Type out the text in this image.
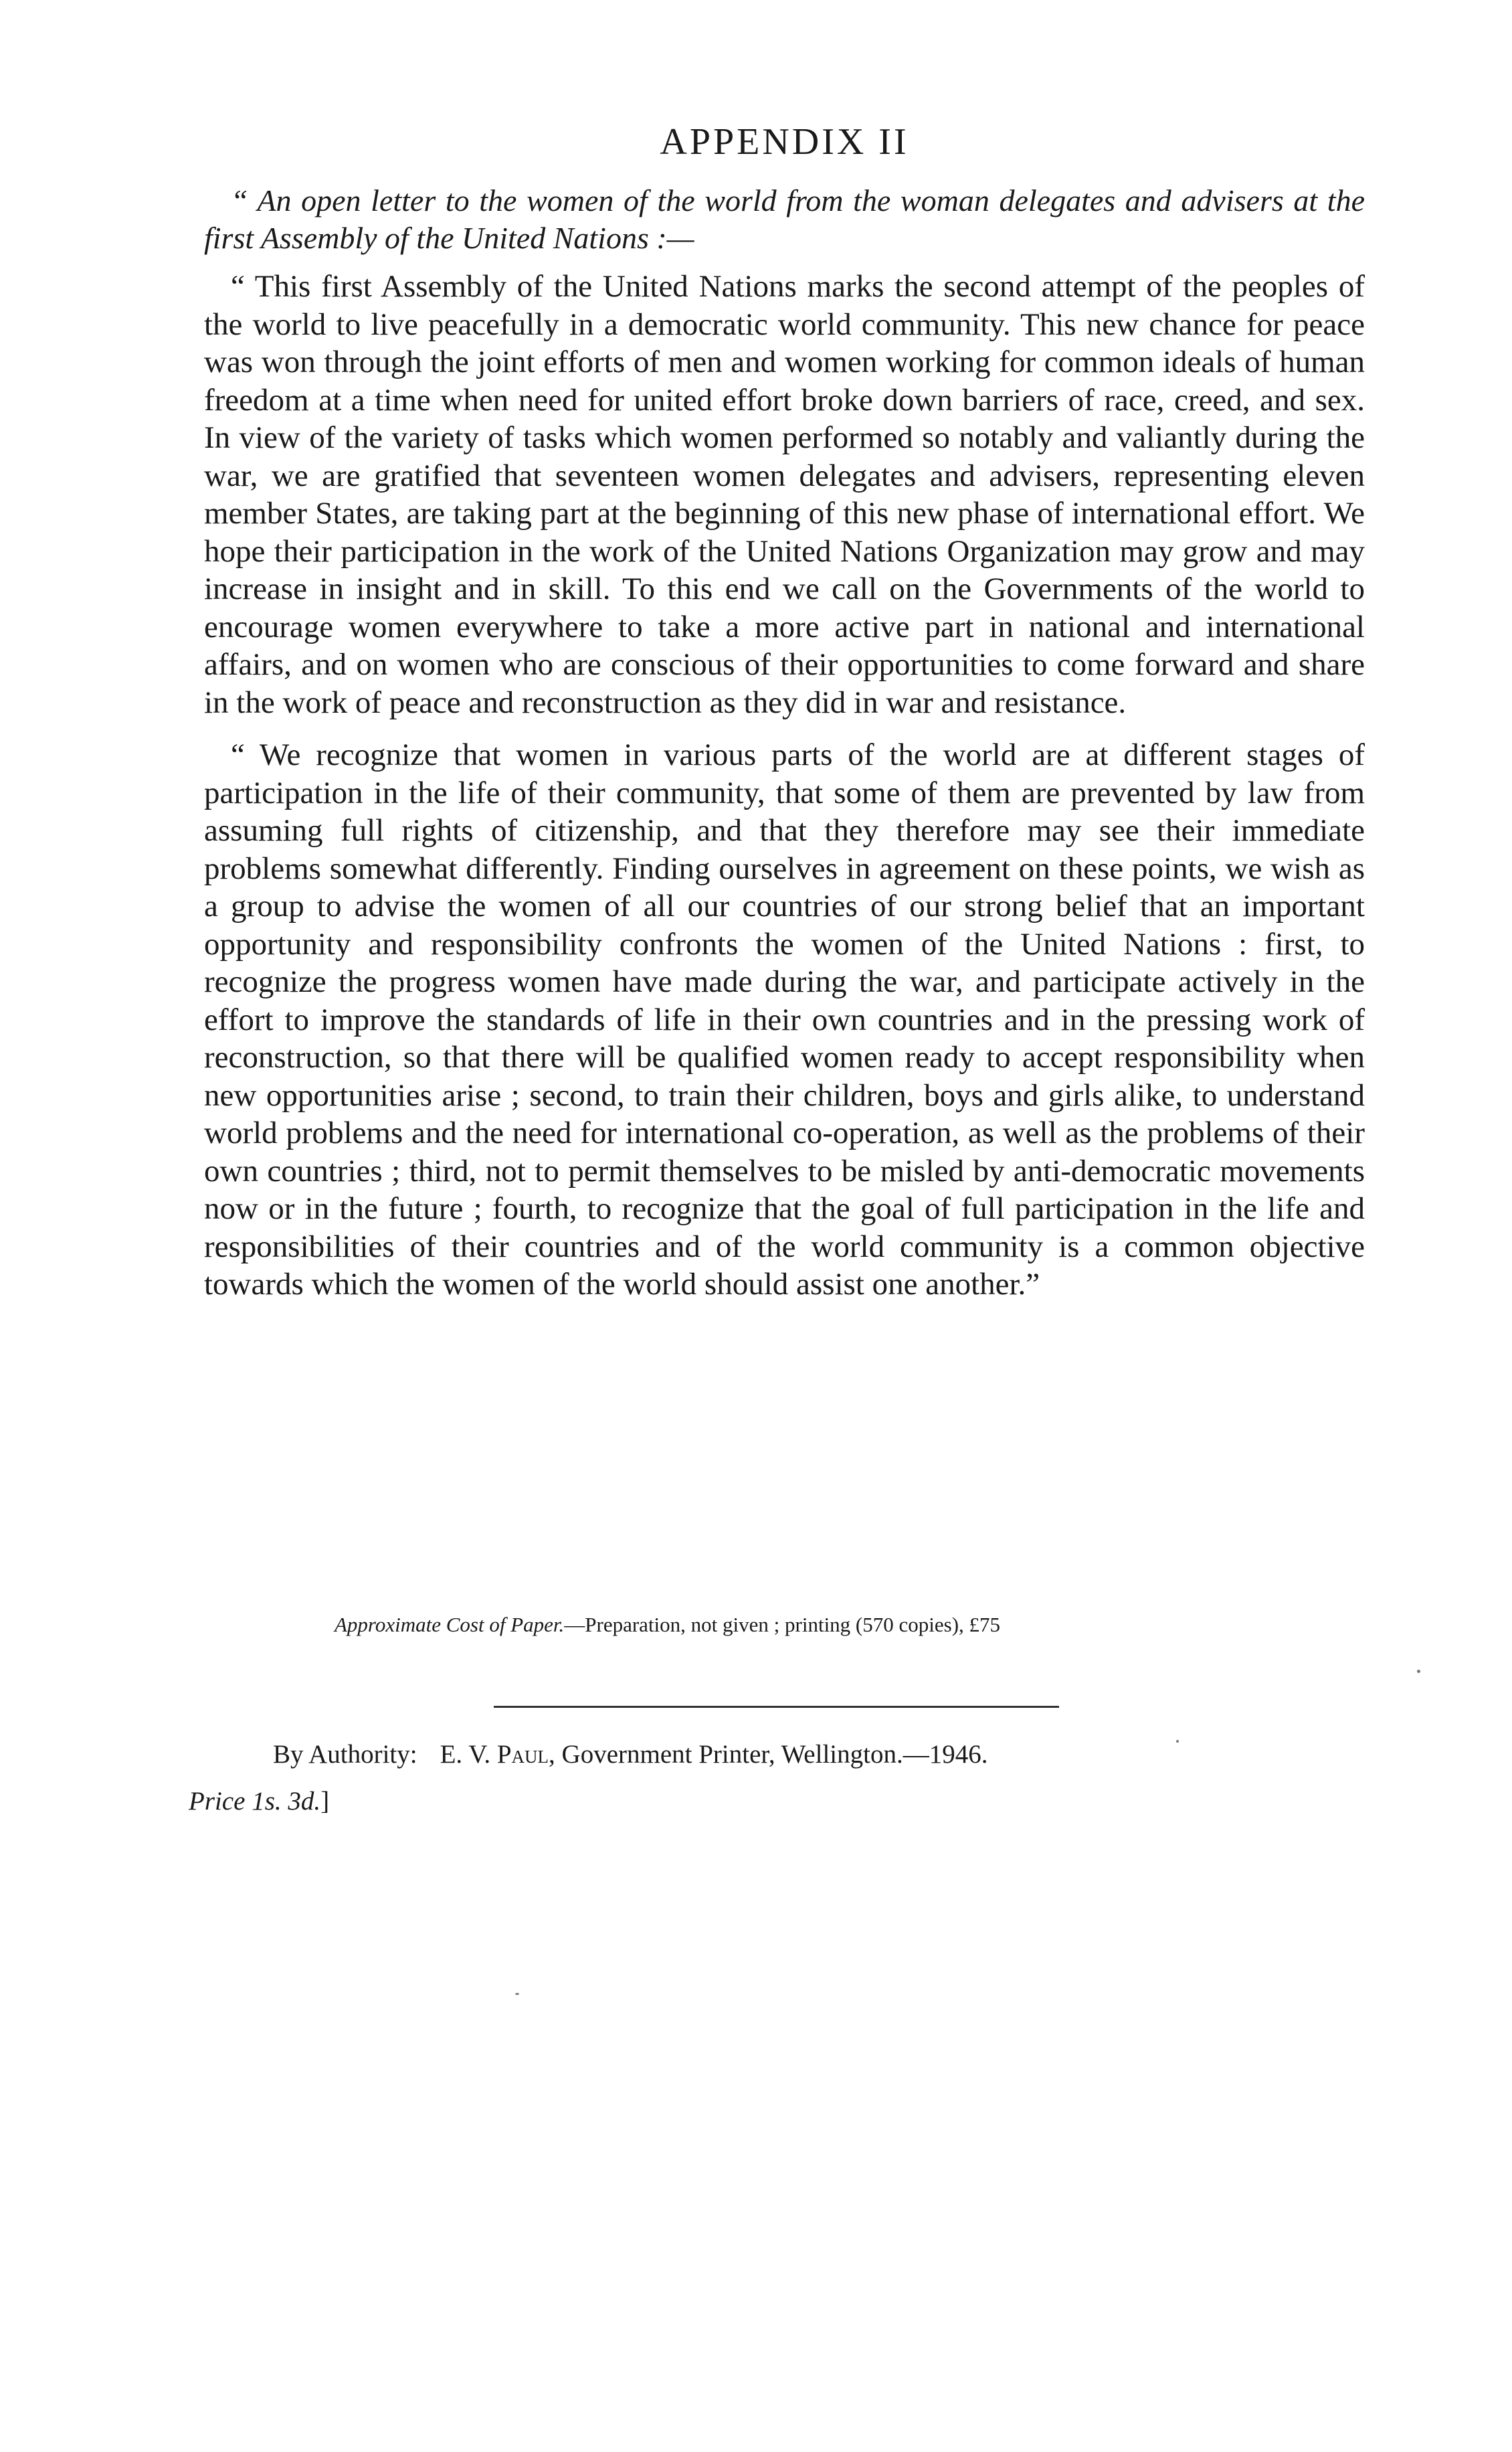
APPENDIX II

“ An open letter to the women of the world from the woman delegates and advisers at the first Assembly of the United Nations :—

“ This first Assembly of the United Nations marks the second attempt of the peoples of the world to live peacefully in a democratic world community. This new chance for peace was won through the joint efforts of men and women working for common ideals of human freedom at a time when need for united effort broke down barriers of race, creed, and sex. In view of the variety of tasks which women performed so notably and valiantly during the war, we are gratified that seventeen women delegates and advisers, representing eleven member States, are taking part at the beginning of this new phase of international effort. We hope their participation in the work of the United Nations Organization may grow and may increase in insight and in skill. To this end we call on the Governments of the world to encourage women everywhere to take a more active part in national and international affairs, and on women who are conscious of their opportunities to come forward and share in the work of peace and reconstruction as they did in war and resistance.

“ We recognize that women in various parts of the world are at different stages of participation in the life of their community, that some of them are prevented by law from assuming full rights of citizenship, and that they therefore may see their immediate problems somewhat differently. Finding ourselves in agreement on these points, we wish as a group to advise the women of all our countries of our strong belief that an important opportunity and responsibility confronts the women of the United Nations : first, to recognize the progress women have made during the war, and participate actively in the effort to improve the standards of life in their own countries and in the pressing work of reconstruction, so that there will be qualified women ready to accept responsibility when new opportunities arise ; second, to train their children, boys and girls alike, to understand world problems and the need for international co-operation, as well as the problems of their own countries ; third, not to permit themselves to be misled by anti-democratic movements now or in the future ; fourth, to recognize that the goal of full participation in the life and responsibilities of their countries and of the world community is a common objective towards which the women of the world should assist one another.”

Approximate Cost of Paper.—Preparation, not given ; printing (570 copies), £75
By Authority: E. V. Paul, Government Printer, Wellington.—1946.
Price 1s. 3d.]
